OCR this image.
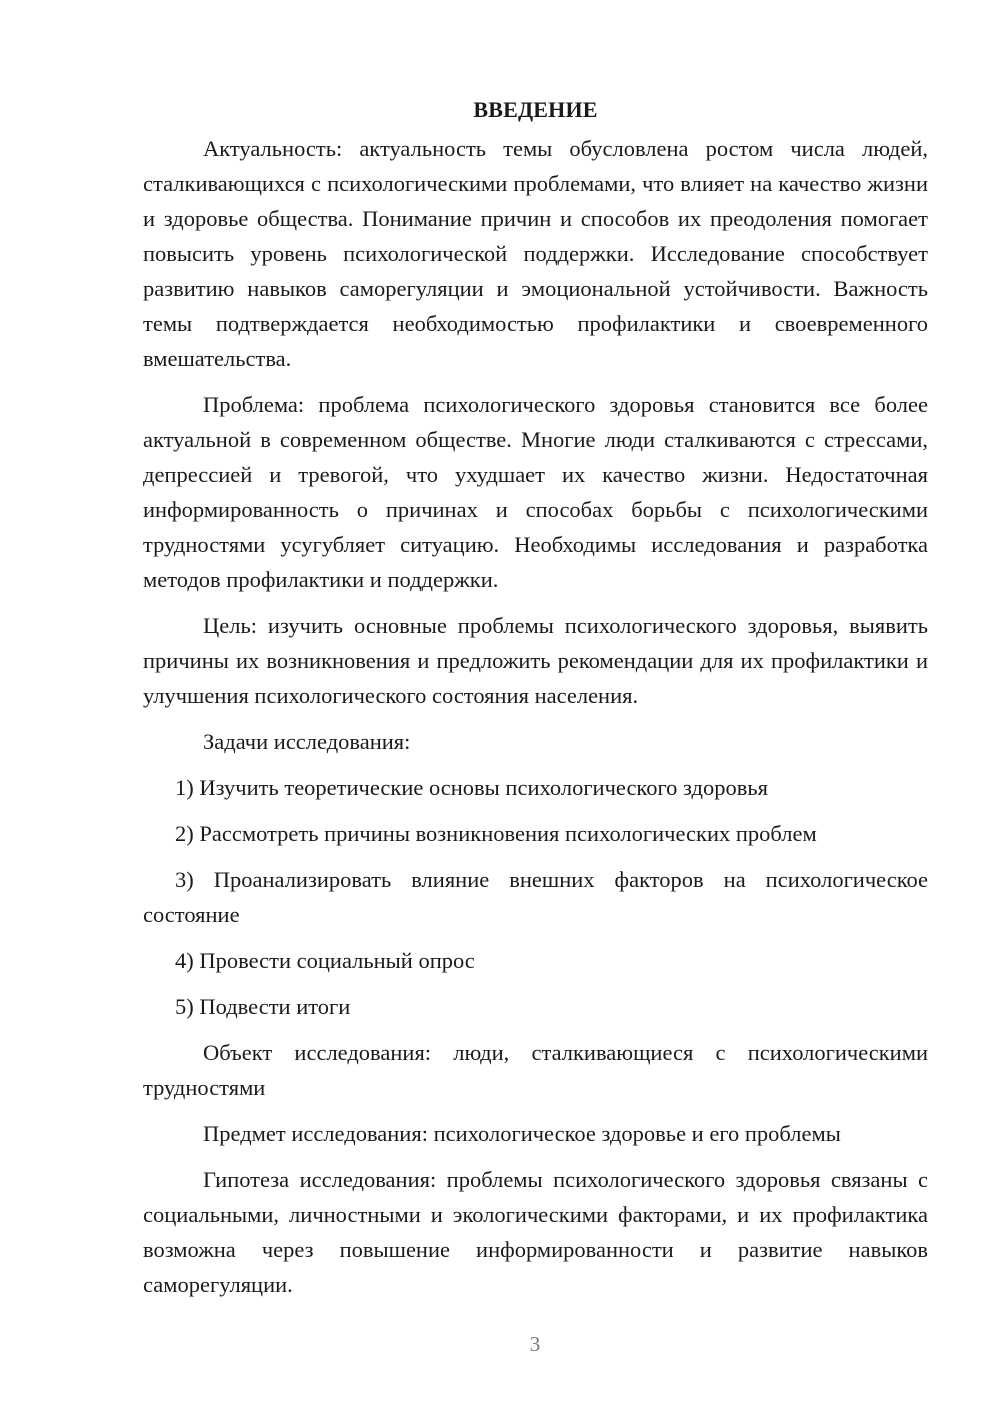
ВВЕДЕНИЕ

Актуальность: актуальность темы обусловлена ростом числа людей, сталкивающихся с психологическими проблемами, что влияет на качество жизни и здоровье общества. Понимание причин и способов их преодоления помогает повысить уровень психологической поддержки. Исследование способствует развитию навыков саморегуляции и эмоциональной устойчивости. Важность темы подтверждается необходимостью профилактики и своевременного вмешательства.

Проблема: проблема психологического здоровья становится все более актуальной в современном обществе. Многие люди сталкиваются с стрессами, депрессией и тревогой, что ухудшает их качество жизни. Недостаточная информированность о причинах и способах борьбы с психологическими трудностями усугубляет ситуацию. Необходимы исследования и разработка методов профилактики и поддержки.

Цель: изучить основные проблемы психологического здоровья, выявить причины их возникновения и предложить рекомендации для их профилактики и улучшения психологического состояния населения.

Задачи исследования:

1) Изучить теоретические основы психологического здоровья

2) Рассмотреть причины возникновения психологических проблем

3) Проанализировать влияние внешних факторов на психологическое состояние

4) Провести социальный опрос

5) Подвести итоги

Объект исследования: люди, сталкивающиеся с психологическими трудностями

Предмет исследования: психологическое здоровье и его проблемы

Гипотеза исследования: проблемы психологического здоровья связаны с социальными, личностными и экологическими факторами, и их профилактика возможна через повышение информированности и развитие навыков саморегуляции.

3
